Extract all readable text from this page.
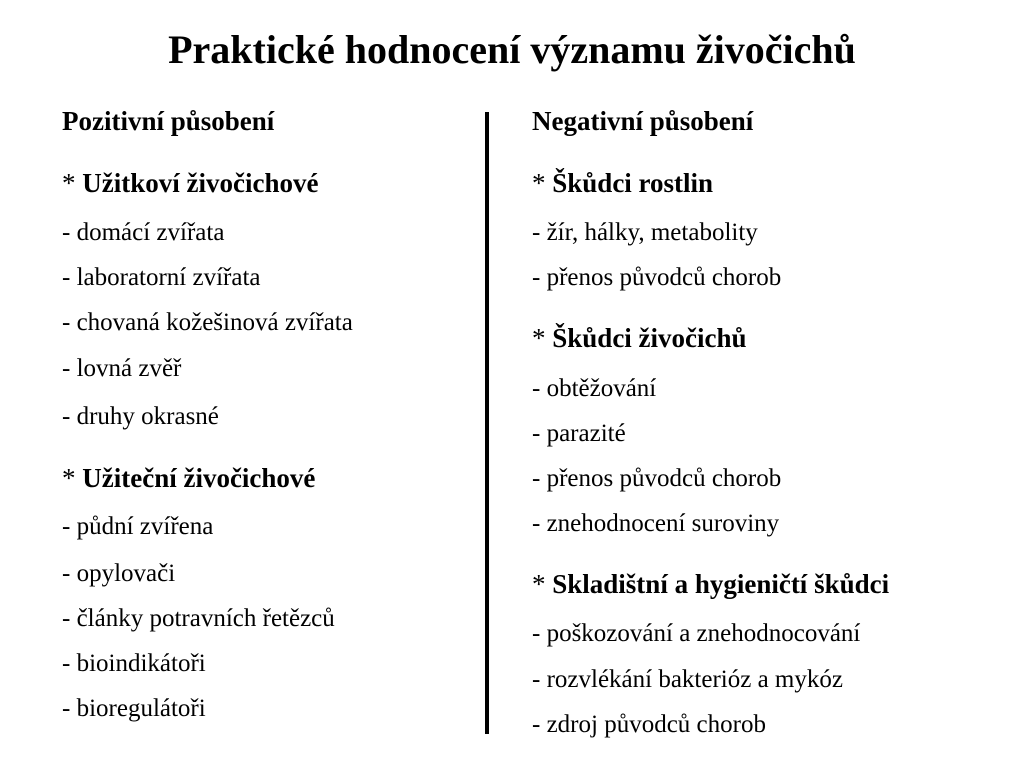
Praktické hodnocení významu živočichů
Pozitivní působení
* Užitkoví živočichové
- domácí zvířata
- laboratorní zvířata
- chovaná kožešinová zvířata
- lovná zvěř
- druhy okrasné
* Užiteční živočichové
- půdní zvířena
- opylovači
- články potravních řetězců
- bioindikátoři
- bioregulátoři
Negativní působení
* Škůdci rostlin
- žír, hálky, metabolity
- přenos původců chorob
* Škůdci živočichů
- obtěžování
- parazité
- přenos původců chorob
- znehodnocení suroviny
* Skladištní a hygieničtí škůdci
- poškozování a znehodnocování
- rozvlékání bakterióz a mykóz
- zdroj původců chorob
